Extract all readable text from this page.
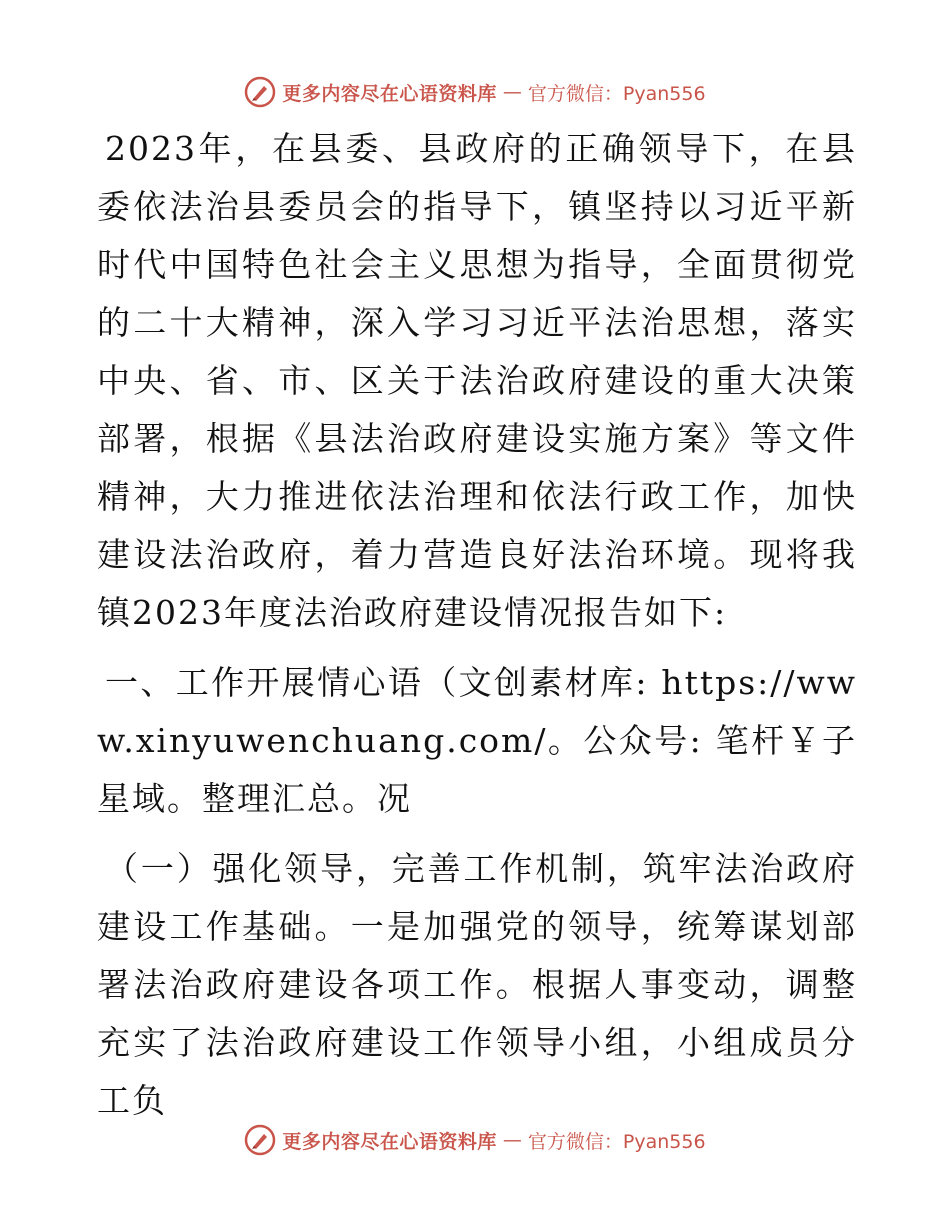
更多内容尽在心语资料库 — 官方微信：Pyan556

2023年，在县委、县政府的正确领导下，在县委依法治县委员会的指导下，镇坚持以习近平新时代中国特色社会主义思想为指导，全面贯彻党的二十大精神，深入学习习近平法治思想，落实中央、省、市、区关于法治政府建设的重大决策部署，根据《县法治政府建设实施方案》等文件精神，大力推进依法治理和依法行政工作，加快建设法治政府，着力营造良好法治环境。现将我镇2023年度法治政府建设情况报告如下:

一、工作开展情心语（文创素材库: https://www.xinyuwenchuang.com/。公众号: 笔杆￥子星域。整理汇总。况

（一）强化领导，完善工作机制，筑牢法治政府建设工作基础。一是加强党的领导，统筹谋划部署法治政府建设各项工作。根据人事变动，调整充实了法治政府建设工作领导小组，小组成员分工负

更多内容尽在心语资料库 — 官方微信：Pyan556
